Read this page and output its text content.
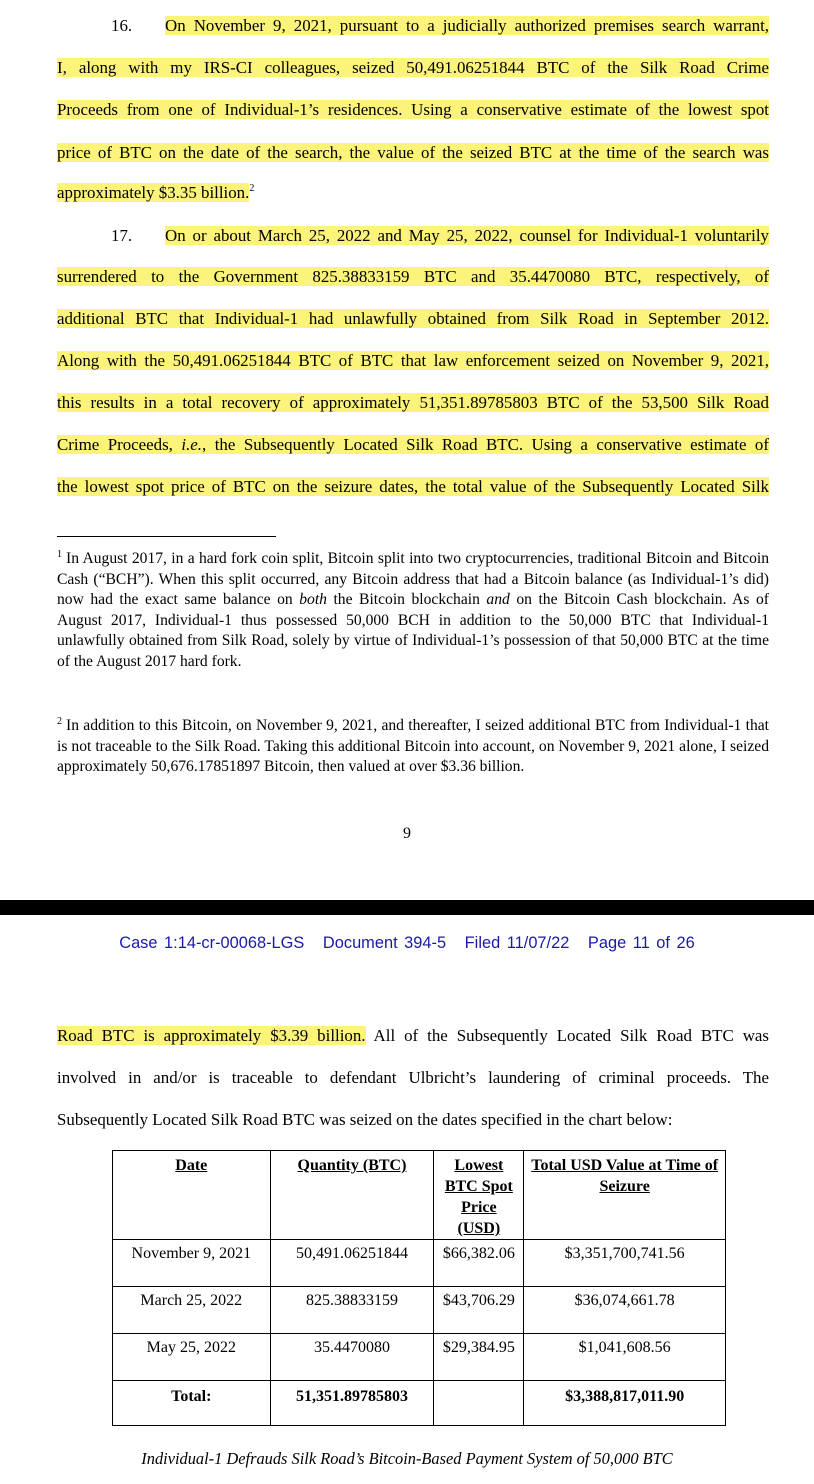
16. On November 9, 2021, pursuant to a judicially authorized premises search warrant,
I, along with my IRS-CI colleagues, seized 50,491.06251844 BTC of the Silk Road Crime
Proceeds from one of Individual-1’s residences. Using a conservative estimate of the lowest spot
price of BTC on the date of the search, the value of the seized BTC at the time of the search was
approximately $3.35 billion.$^2$
17. On or about March 25, 2022 and May 25, 2022, counsel for Individual-1 voluntarily
surrendered to the Government 825.38833159 BTC and 35.4470080 BTC, respectively, of
additional BTC that Individual-1 had unlawfully obtained from Silk Road in September 2012.
Along with the 50,491.06251844 BTC of BTC that law enforcement seized on November 9, 2021,
this results in a total recovery of approximately 51,351.89785803 BTC of the 53,500 Silk Road
Crime Proceeds, i.e., the Subsequently Located Silk Road BTC. Using a conservative estimate of
the lowest spot price of BTC on the seizure dates, the total value of the Subsequently Located Silk
$^1$ In August 2017, in a hard fork coin split, Bitcoin split into two cryptocurrencies, traditional Bitcoin and Bitcoin Cash (“BCH”). When this split occurred, any Bitcoin address that had a Bitcoin balance (as Individual-1’s did) now had the exact same balance on both the Bitcoin blockchain and on the Bitcoin Cash blockchain. As of August 2017, Individual-1 thus possessed 50,000 BCH in addition to the 50,000 BTC that Individual-1 unlawfully obtained from Silk Road, solely by virtue of Individual-1’s possession of that 50,000 BTC at the time of the August 2017 hard fork.
$^2$ In addition to this Bitcoin, on November 9, 2021, and thereafter, I seized additional BTC from Individual-1 that is not traceable to the Silk Road. Taking this additional Bitcoin into account, on November 9, 2021 alone, I seized approximately 50,676.17851897 Bitcoin, then valued at over $3.36 billion.
9
Case 1:14-cr-00068-LGS Document 394-5 Filed 11/07/22 Page 11 of 26
Road BTC is approximately $3.39 billion. All of the Subsequently Located Silk Road BTC was
involved in and/or is traceable to defendant Ulbricht’s laundering of criminal proceeds. The
Subsequently Located Silk Road BTC was seized on the dates specified in the chart below:
Date	Quantity (BTC)	Lowest BTC Spot Price (USD)	Total USD Value at Time of Seizure
November 9, 2021	50,491.06251844	$66,382.06	$3,351,700,741.56
March 25, 2022	825.38833159	$43,706.29	$36,074,661.78
May 25, 2022	35.4470080	$29,384.95	$1,041,608.56
Total:	51,351.89785803		$3,388,817,011.90
Individual-1 Defrauds Silk Road’s Bitcoin-Based Payment System of 50,000 BTC
